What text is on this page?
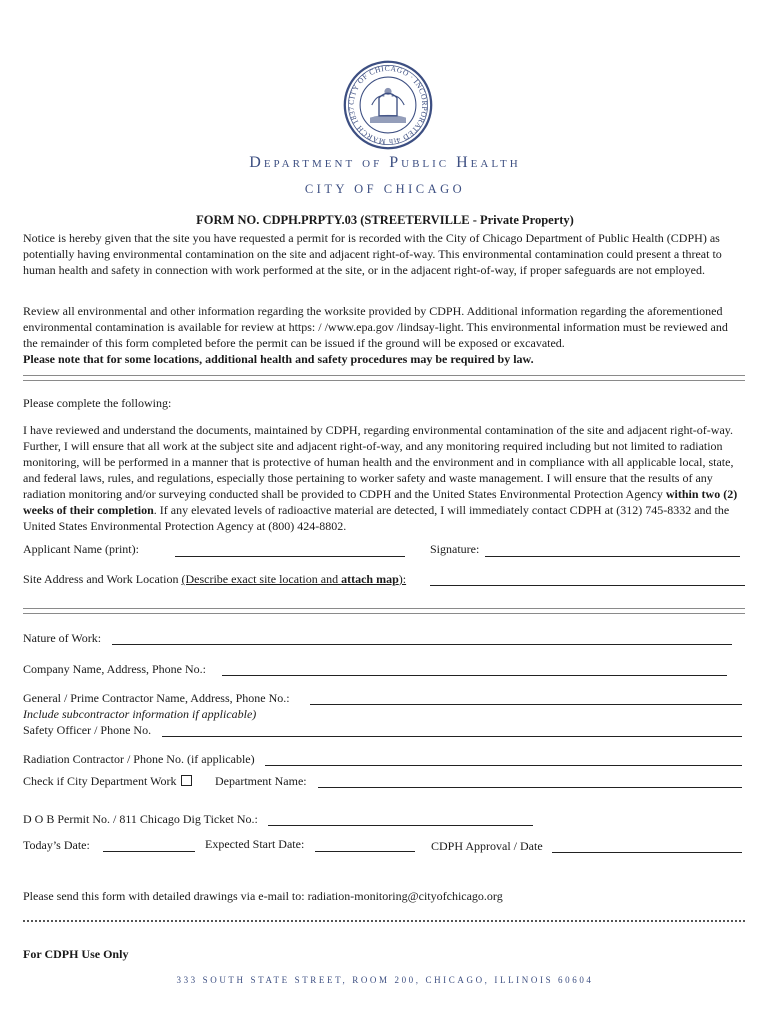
CITY OF CHICAGO · INCORPORATED 4th MARCH 1837
Department of Public Health
CITY OF CHICAGO
FORM NO. CDPH.PRPTY.03 (STREETERVILLE - Private Property)

Notice is hereby given that the site you have requested a permit for is recorded with the City of Chicago Department of Public Health (CDPH) as potentially having environmental contamination on the site and adjacent right-of-way. This environmental contamination could present a threat to human health and safety in connection with work performed at the site, or in the adjacent right-of-way, if proper safeguards are not employed.

Review all environmental and other information regarding the worksite provided by CDPH. Additional information regarding the aforementioned environmental contamination is available for review at https: / /www.epa.gov /lindsay-light. This environmental information must be reviewed and the remainder of this form completed before the permit can be issued if the ground will be exposed or excavated.
Please note that for some locations, additional health and safety procedures may be required by law.

Please complete the following:

I have reviewed and understand the documents, maintained by CDPH, regarding environmental contamination of the site and adjacent right-of-way. Further, I will ensure that all work at the subject site and adjacent right-of-way, and any monitoring required including but not limited to radiation monitoring, will be performed in a manner that is protective of human health and the environment and in compliance with all applicable local, state, and federal laws, rules, and regulations, especially those pertaining to worker safety and waste management. I will ensure that the results of any radiation monitoring and/or surveying conducted shall be provided to CDPH and the United States Environmental Protection Agency within two (2) weeks of their completion. If any elevated levels of radioactive material are detected, I will immediately contact CDPH at (312) 745-8332 and the United States Environmental Protection Agency at (800) 424-8802.

Applicant Name (print):	Signature:
Site Address and Work Location (Describe exact site location and attach map):
Nature of Work:
Company Name, Address, Phone No.:
General / Prime Contractor Name, Address, Phone No.:
Include subcontractor information if applicable)
Safety Officer / Phone No.
Radiation Contractor / Phone No. (if applicable)
Check if City Department Work	Department Name:
D O B Permit No. / 811 Chicago Dig Ticket No.:
Today’s Date:	Expected Start Date:	CDPH Approval / Date
Please send this form with detailed drawings via e-mail to: radiation-monitoring@cityofchicago.org
For CDPH Use Only
333 SOUTH STATE STREET, ROOM 200, CHICAGO, ILLINOIS 60604
